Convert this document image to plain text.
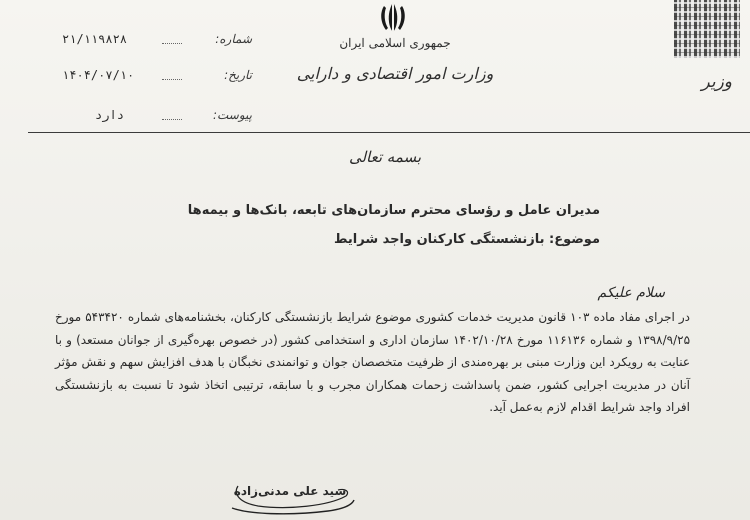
جمهوری اسلامی ایران
وزارت امور اقتصادی و دارایی	وزیر
۲۱/۱۱۹۸۲۸	شماره:
۱۴۰۴/۰۷/۱۰	تاریخ:
دارد	پیوست:
بسمه تعالی
مدیران عامل و رؤسای محترم سازمان‌های تابعه، بانک‌ها و بیمه‌ها
موضوع: بازنشستگی کارکنان واجد شرایط
سلام علیکم
در اجرای مفاد ماده ۱۰۳ قانون مدیریت خدمات کشوری موضوع شرایط بازنشستگی کارکنان، بخشنامه‌های شماره ۵۴۳۴۲۰ مورخ ۱۳۹۸/۹/۲۵ و شماره ۱۱۶۱۳۶ مورخ ۱۴۰۲/۱۰/۲۸ سازمان اداری و استخدامی کشور (در خصوص بهره‌گیری از جوانان مستعد) و با عنایت به رویکرد این وزارت مبنی بر بهره‌مندی از ظرفیت متخصصان جوان و توانمندی نخبگان با هدف افزایش سهم و نقش مؤثر آنان در مدیریت اجرایی کشور، ضمن پاسداشت زحمات همکاران مجرب و با سابقه، ترتیبی اتخاذ شود تا نسبت به بازنشستگی افراد واجد شرایط اقدام لازم به‌عمل آید.
سید علی مدنی‌زاده
